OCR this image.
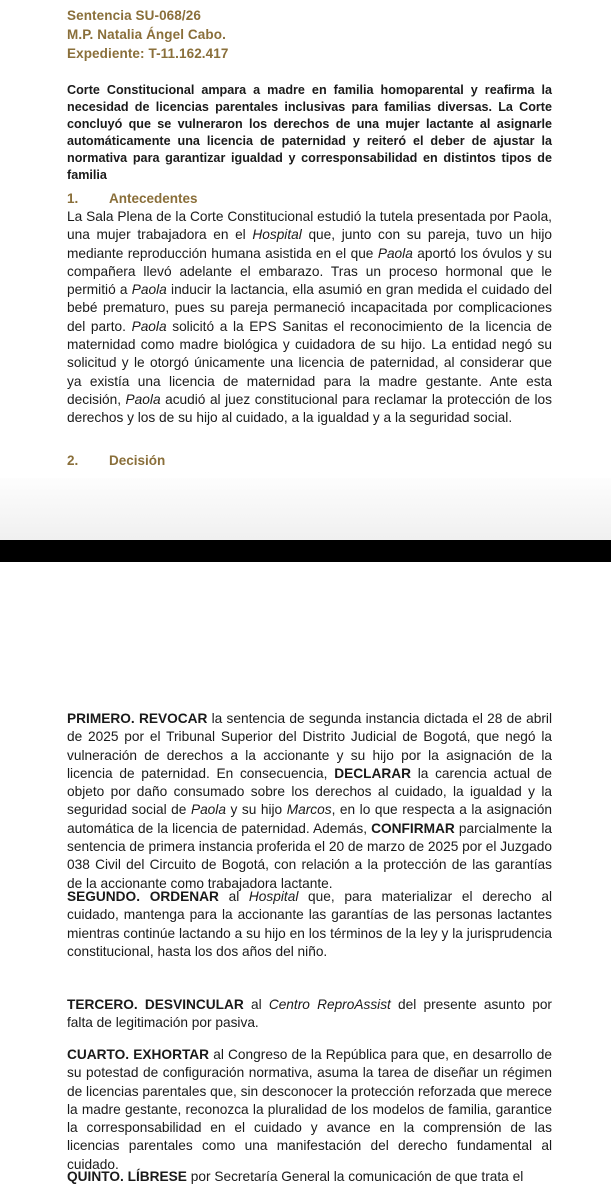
Sentencia SU-068/26
M.P. Natalia Ángel Cabo.
Expediente: T-11.162.417

Corte Constitucional ampara a madre en familia homoparental y reafirma la necesidad de licencias parentales inclusivas para familias diversas. La Corte concluyó que se vulneraron los derechos de una mujer lactante al asignarle automáticamente una licencia de paternidad y reiteró el deber de ajustar la normativa para garantizar igualdad y corresponsabilidad en distintos tipos de familia

1. Antecedentes

La Sala Plena de la Corte Constitucional estudió la tutela presentada por Paola, una mujer trabajadora en el Hospital que, junto con su pareja, tuvo un hijo mediante reproducción humana asistida en el que Paola aportó los óvulos y su compañera llevó adelante el embarazo. Tras un proceso hormonal que le permitió a Paola inducir la lactancia, ella asumió en gran medida el cuidado del bebé prematuro, pues su pareja permaneció incapacitada por complicaciones del parto. Paola solicitó a la EPS Sanitas el reconocimiento de la licencia de maternidad como madre biológica y cuidadora de su hijo. La entidad negó su solicitud y le otorgó únicamente una licencia de paternidad, al considerar que ya existía una licencia de maternidad para la madre gestante. Ante esta decisión, Paola acudió al juez constitucional para reclamar la protección de los derechos y los de su hijo al cuidado, a la igualdad y a la seguridad social.

2. Decisión

PRIMERO. REVOCAR la sentencia de segunda instancia dictada el 28 de abril de 2025 por el Tribunal Superior del Distrito Judicial de Bogotá, que negó la vulneración de derechos a la accionante y su hijo por la asignación de la licencia de paternidad. En consecuencia, DECLARAR la carencia actual de objeto por daño consumado sobre los derechos al cuidado, la igualdad y la seguridad social de Paola y su hijo Marcos, en lo que respecta a la asignación automática de la licencia de paternidad. Además, CONFIRMAR parcialmente la sentencia de primera instancia proferida el 20 de marzo de 2025 por el Juzgado 038 Civil del Circuito de Bogotá, con relación a la protección de las garantías de la accionante como trabajadora lactante.

SEGUNDO. ORDENAR al Hospital que, para materializar el derecho al cuidado, mantenga para la accionante las garantías de las personas lactantes mientras continúe lactando a su hijo en los términos de la ley y la jurisprudencia constitucional, hasta los dos años del niño.

TERCERO. DESVINCULAR al Centro ReproAssist del presente asunto por falta de legitimación por pasiva.

CUARTO. EXHORTAR al Congreso de la República para que, en desarrollo de su potestad de configuración normativa, asuma la tarea de diseñar un régimen de licencias parentales que, sin desconocer la protección reforzada que merece la madre gestante, reconozca la pluralidad de los modelos de familia, garantice la corresponsabilidad en el cuidado y avance en la comprensión de las licencias parentales como una manifestación del derecho fundamental al cuidado.

QUINTO. LÍBRESE por Secretaría General la comunicación de que trata el
